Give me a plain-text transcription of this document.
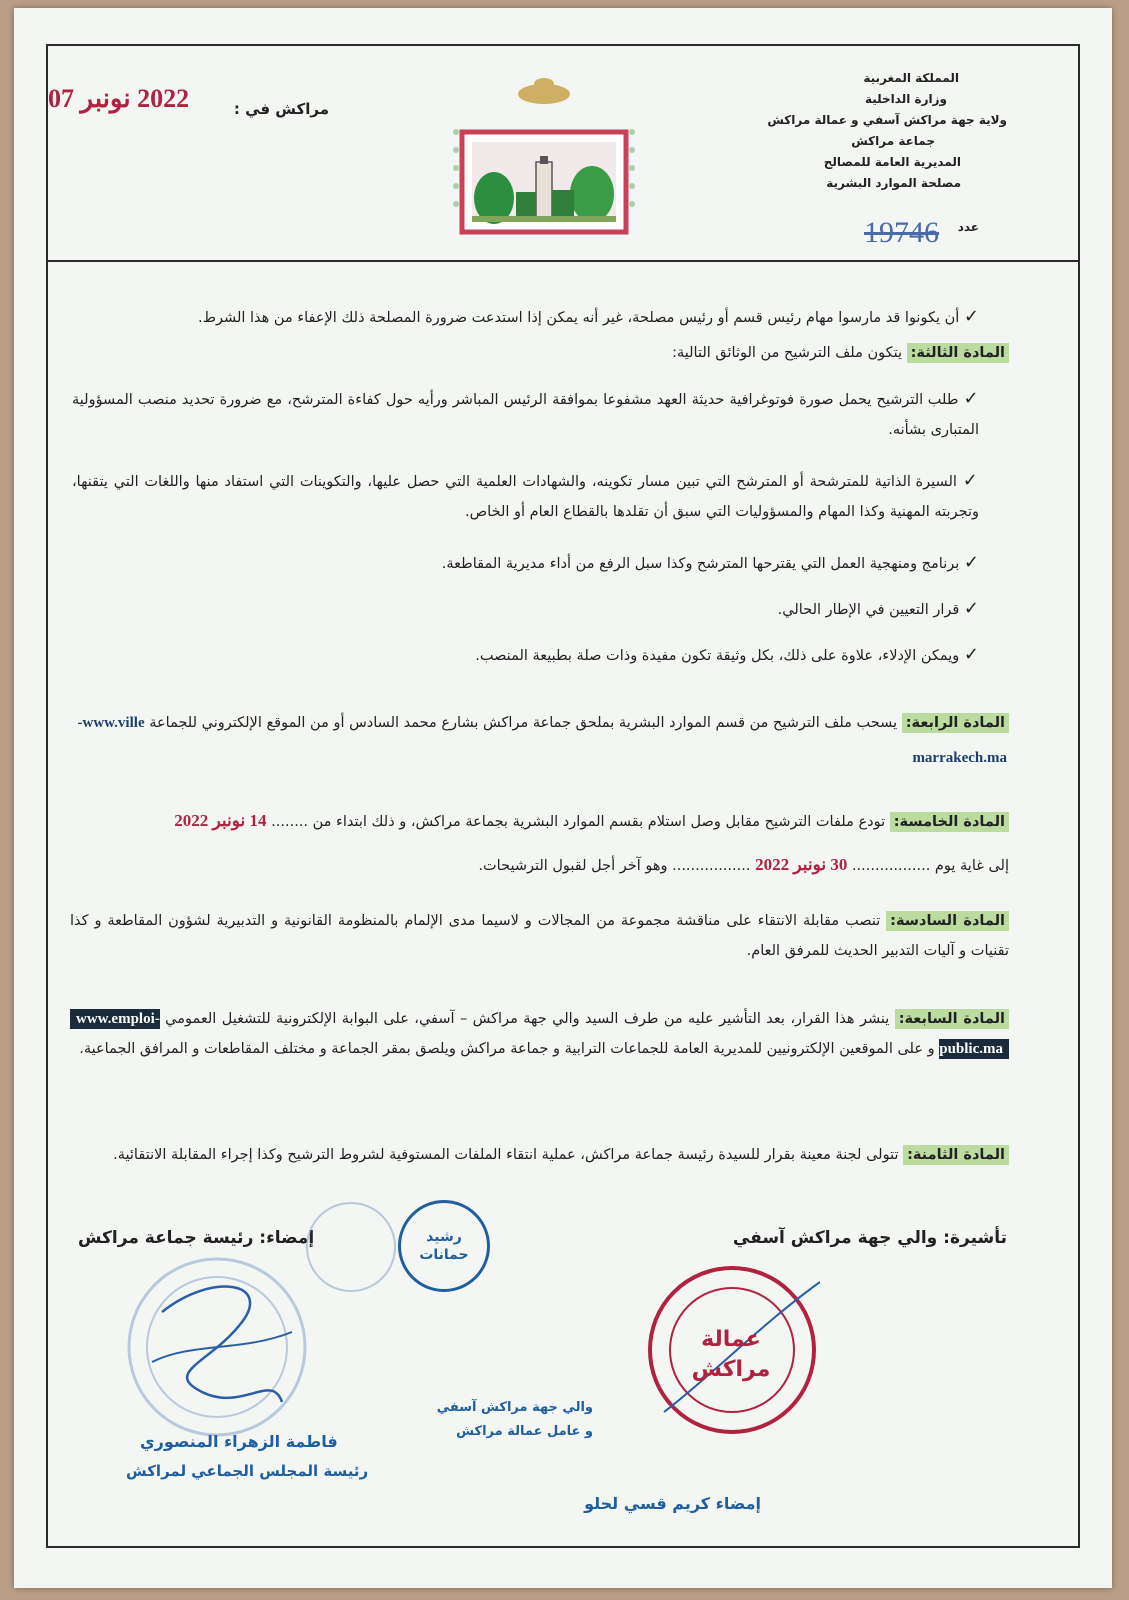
المملكة المغربية
وزارة الداخلية
ولاية جهة مراكش آسفي و عمالة مراكش
جماعة مراكش
المديرية العامة للمصالح
مصلحة الموارد البشرية
عدد
19746
مراكش في :
2022 نونبر 07
✓ أن يكونوا قد مارسوا مهام رئيس قسم أو رئيس مصلحة، غير أنه يمكن إذا استدعت ضرورة المصلحة ذلك الإعفاء من هذا الشرط.
المادة الثالثة: يتكون ملف الترشيح من الوثائق التالية:
✓ طلب الترشيح يحمل صورة فوتوغرافية حديثة العهد مشفوعا بموافقة الرئيس المباشر ورأيه حول كفاءة المترشح، مع ضرورة تحديد منصب المسؤولية المتبارى بشأنه.
✓ السيرة الذاتية للمترشحة أو المترشح التي تبين مسار تكوينه، والشهادات العلمية التي حصل عليها، والتكوينات التي استفاد منها واللغات التي يتقنها، وتجربته المهنية وكذا المهام والمسؤوليات التي سبق أن تقلدها بالقطاع العام أو الخاص.
✓ برنامج ومنهجية العمل التي يقترحها المترشح وكذا سبل الرفع من أداء مديرية المقاطعة.
✓ قرار التعيين في الإطار الحالي.
✓ ويمكن الإدلاء، علاوة على ذلك، بكل وثيقة تكون مفيدة وذات صلة بطبيعة المنصب.
المادة الرابعة: يسحب ملف الترشيح من قسم الموارد البشرية بملحق جماعة مراكش بشارع محمد السادس أو من الموقع الإلكتروني للجماعة www.ville-
marrakech.ma
المادة الخامسة: تودع ملفات الترشيح مقابل وصل استلام بقسم الموارد البشرية بجماعة مراكش، و ذلك ابتداء من ........ 14 نونبر 2022
إلى غاية يوم ................. 30 نونبر 2022 ................. وهو آخر أجل لقبول الترشيحات.
المادة السادسة: تنصب مقابلة الانتقاء على مناقشة مجموعة من المجالات و لاسيما مدى الإلمام بالمنظومة القانونية و التدبيرية لشؤون المقاطعة و كذا تقنيات و آليات التدبير الحديث للمرفق العام.
المادة السابعة: ينشر هذا القرار، بعد التأشير عليه من طرف السيد والي جهة مراكش – آسفي، على البوابة الإلكترونية للتشغيل العمومي www.emploi-public.ma و على الموقعين الإلكترونيين للمديرية العامة للجماعات الترابية و جماعة مراكش ويلصق بمقر الجماعة و مختلف المقاطعات و المرافق الجماعية.
المادة الثامنة: تتولى لجنة معينة بقرار للسيدة رئيسة جماعة مراكش، عملية انتقاء الملفات المستوفية لشروط الترشيح وكذا إجراء المقابلة الانتقائية.
تأشيرة: والي جهة مراكش آسفي
إمضاء: رئيسة جماعة مراكش	رشيد حمانات
فاطمة الزهراء المنصوري
رئيسة المجلس الجماعي لمراكش
عمالة مراكش
والي جهة مراكش آسفي
و عامل عمالة مراكش
إمضاء كريم قسي لحلو
